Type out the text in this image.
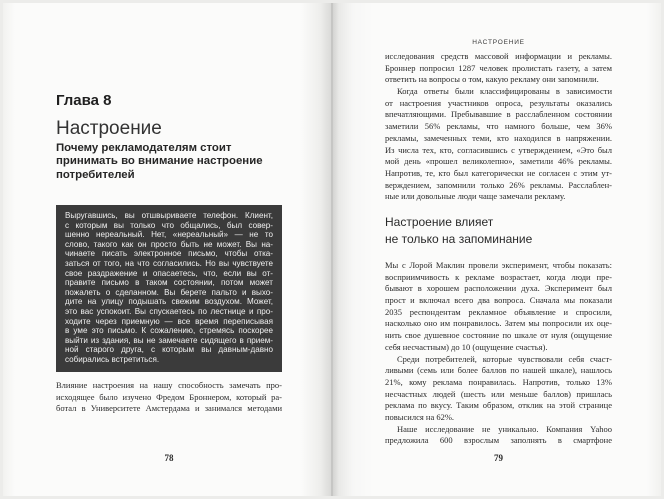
Глава 8
Настроение
Почему рекламодателям стоит
принимать во внимание настроение
потребителей
Выругавшись, вы отшвыриваете телефон. Клиент,
с которым вы только что общались, был совер-
шенно нереальный. Нет, «нереальный» — не то
слово, такого как он просто быть не может. Вы на-
чинаете писать электронное письмо, чтобы отка-
заться от того, на что согласились. Но вы чувствуете
свое раздражение и опасаетесь, что, если вы от-
правите письмо в таком состоянии, потом может
пожалеть о сделанном. Вы берете пальто и выхо-
дите на улицу подышать свежим воздухом. Может,
это вас успокоит. Вы спускаетесь по лестнице и про-
ходите через приемную — все время переписывая
в уме это письмо. К сожалению, стремясь поскорее
выйти из здания, вы не замечаете сидящего в прием-
ной старого друга, с которым вы давным-давно
собирались встретиться.
Влияние настроения на нашу способность замечать про-
исходящее было изучено Фредом Броннером, который ра-
ботал в Университете Амстердама и занимался методами
78
НАСТРОЕНИЕ
исследования средств массовой информации и рекламы.
Броннер попросил 1287 человек пролистать газету, а затем
ответить на вопросы о том, какую рекламу они запомнили.
Когда ответы были классифицированы в зависимости
от настроения участников опроса, результаты оказались
впечатляющими. Пребывавшие в расслабленном состоянии
заметили 56% рекламы, что намного больше, чем 36%
рекламы, замеченных теми, кто находился в напряжении.
Из числа тех, кто, согласившись с утверждением, «Это был
мой день «прошел великолепно», заметили 46% рекламы.
Напротив, те, кто был категорически не согласен с этим ут-
верждением, запомнили только 26% рекламы. Расслаблен-
ные или довольные люди чаще замечали рекламу.
Настроение влияет
не только на запоминание
Мы с Лорой Маклин провели эксперимент, чтобы показать:
восприимчивость к рекламе возрастает, когда люди пре-
бывают в хорошем расположении духа. Эксперимент был
прост и включал всего два вопроса. Сначала мы показали
2035 респондентам рекламное объявление и спросили,
насколько оно им понравилось. Затем мы попросили их оце-
нить свое душевное состояние по шкале от нуля (ощущение
себя несчастным) до 10 (ощущение счастья).
Среди потребителей, которые чувствовали себя счаст-
ливыми (семь или более баллов по нашей шкале), нашлось
21%, кому реклама понравилась. Напротив, только 13%
несчастных людей (шесть или меньше баллов) пришлась
реклама по вкусу. Таким образом, отклик на этой странице
повысился на 62%.
Наше исследование не уникально. Компания Yahoo
предложила 600 взрослым заполнять в смартфоне
79
